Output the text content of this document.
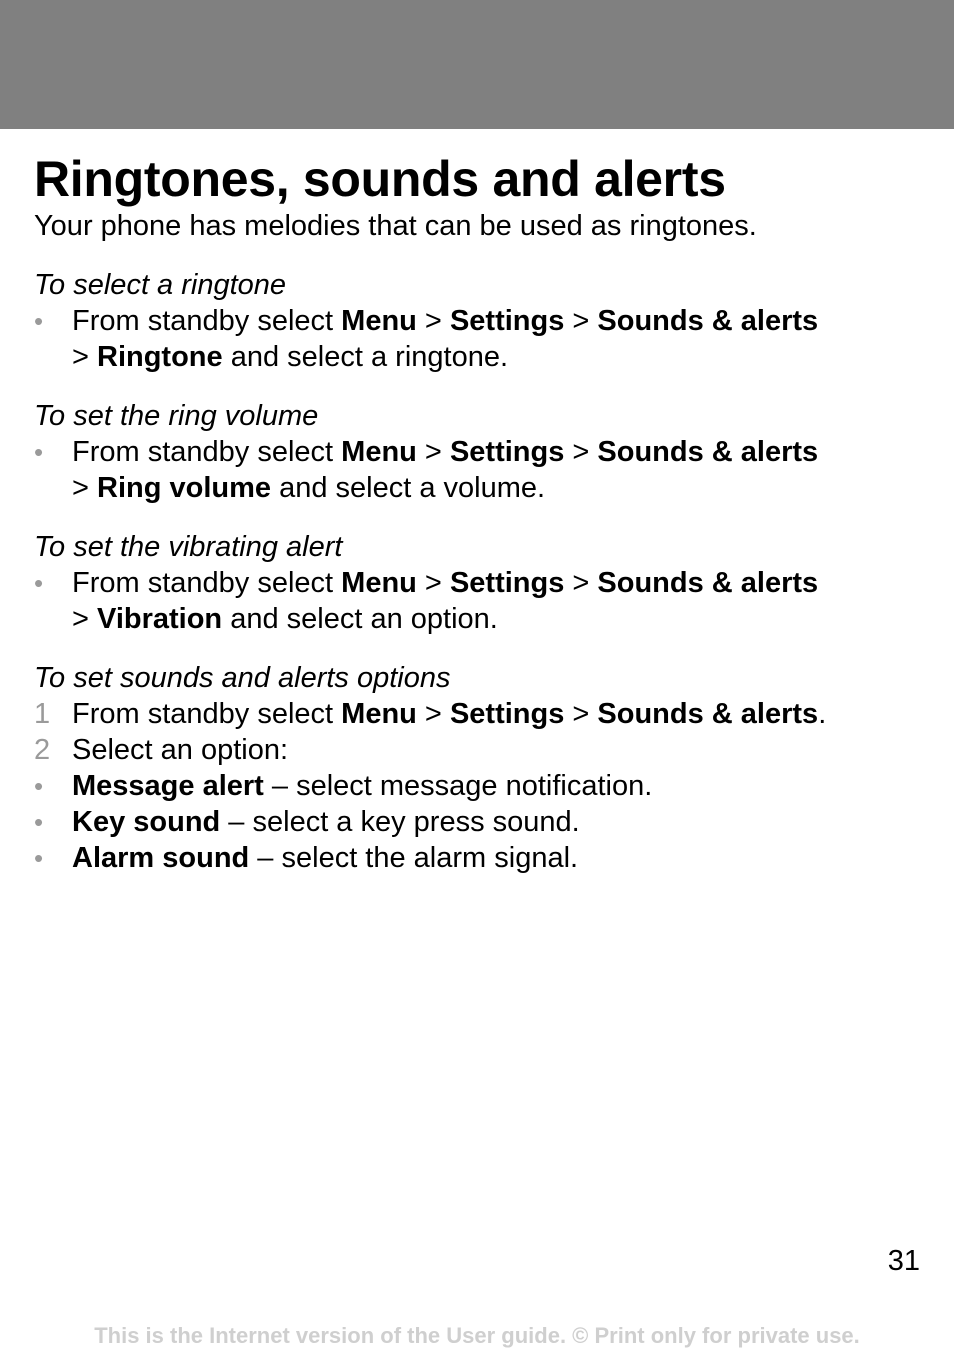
Ringtones, sounds and alerts

Your phone has melodies that can be used as ringtones.

To select a ringtone

• From standby select Menu > Settings > Sounds & alerts
> Ringtone and select a ringtone.

To set the ring volume

• From standby select Menu > Settings > Sounds & alerts
> Ring volume and select a volume.

To set the vibrating alert

• From standby select Menu > Settings > Sounds & alerts
> Vibration and select an option.

To set sounds and alerts options

1 From standby select Menu > Settings > Sounds & alerts.
2 Select an option:
• Message alert – select message notification.
• Key sound – select a key press sound.
• Alarm sound – select the alarm signal.
31
This is the Internet version of the User guide. © Print only for private use.
